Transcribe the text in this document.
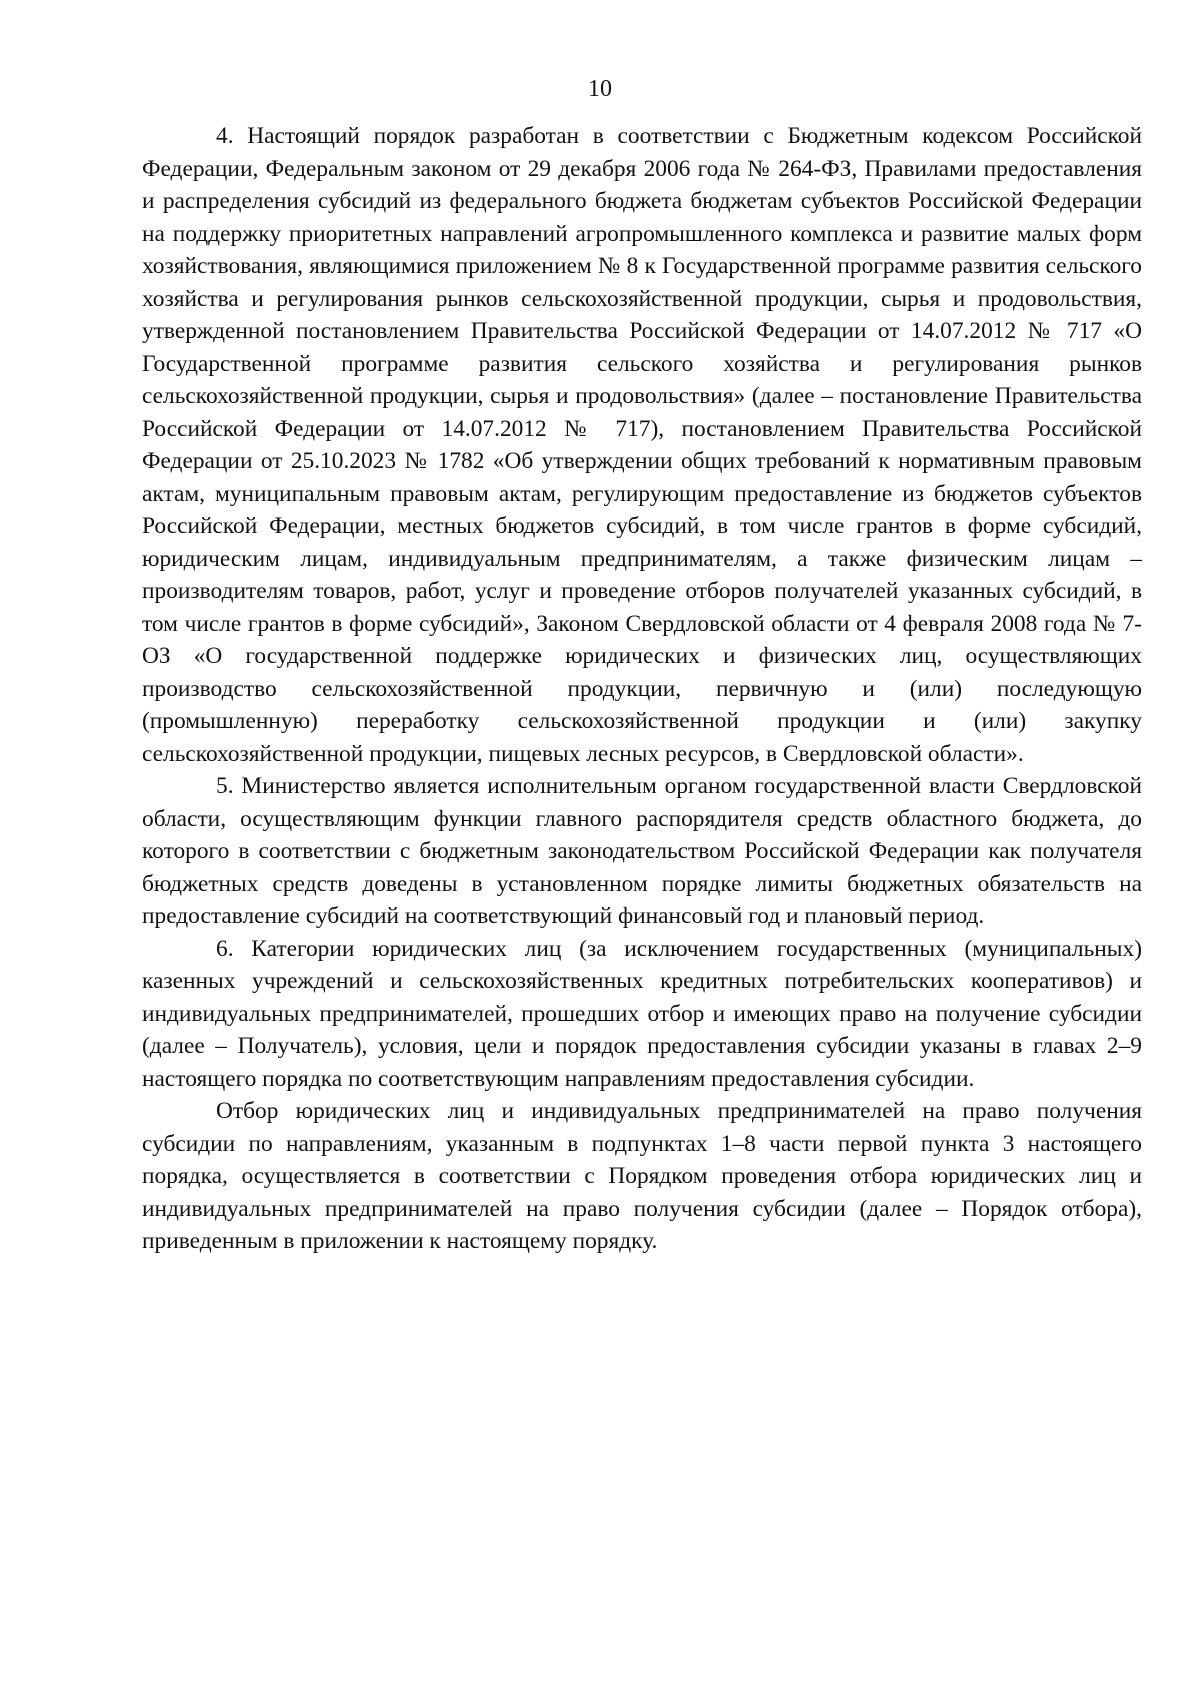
10

4. Настоящий порядок разработан в соответствии с Бюджетным кодексом Российской Федерации, Федеральным законом от 29 декабря 2006 года № 264-ФЗ, Правилами предоставления и распределения субсидий из федерального бюджета бюджетам субъектов Российской Федерации на поддержку приоритетных направлений агропромышленного комплекса и развитие малых форм хозяйствования, являющимися приложением № 8 к Государственной программе развития сельского хозяйства и регулирования рынков сельскохозяйственной продукции, сырья и продовольствия, утвержденной постановлением Правительства Российской Федерации от 14.07.2012 № 717 «О Государственной программе развития сельского хозяйства и регулирования рынков сельскохозяйственной продукции, сырья и продовольствия» (далее – постановление Правительства Российской Федерации от 14.07.2012 № 717), постановлением Правительства Российской Федерации от 25.10.2023 № 1782 «Об утверждении общих требований к нормативным правовым актам, муниципальным правовым актам, регулирующим предоставление из бюджетов субъектов Российской Федерации, местных бюджетов субсидий, в том числе грантов в форме субсидий, юридическим лицам, индивидуальным предпринимателям, а также физическим лицам – производителям товаров, работ, услуг и проведение отборов получателей указанных субсидий, в том числе грантов в форме субсидий», Законом Свердловской области от 4 февраля 2008 года № 7-ОЗ «О государственной поддержке юридических и физических лиц, осуществляющих производство сельскохозяйственной продукции, первичную и (или) последующую (промышленную) переработку сельскохозяйственной продукции и (или) закупку сельскохозяйственной продукции, пищевых лесных ресурсов, в Свердловской области».

5. Министерство является исполнительным органом государственной власти Свердловской области, осуществляющим функции главного распорядителя средств областного бюджета, до которого в соответствии с бюджетным законодательством Российской Федерации как получателя бюджетных средств доведены в установленном порядке лимиты бюджетных обязательств на предоставление субсидий на соответствующий финансовый год и плановый период.

6. Категории юридических лиц (за исключением государственных (муниципальных) казенных учреждений и сельскохозяйственных кредитных потребительских кооперативов) и индивидуальных предпринимателей, прошедших отбор и имеющих право на получение субсидии (далее – Получатель), условия, цели и порядок предоставления субсидии указаны в главах 2–9 настоящего порядка по соответствующим направлениям предоставления субсидии.

Отбор юридических лиц и индивидуальных предпринимателей на право получения субсидии по направлениям, указанным в подпунктах 1–8 части первой пункта 3 настоящего порядка, осуществляется в соответствии с Порядком проведения отбора юридических лиц и индивидуальных предпринимателей на право получения субсидии (далее – Порядок отбора), приведенным в приложении к настоящему порядку.
